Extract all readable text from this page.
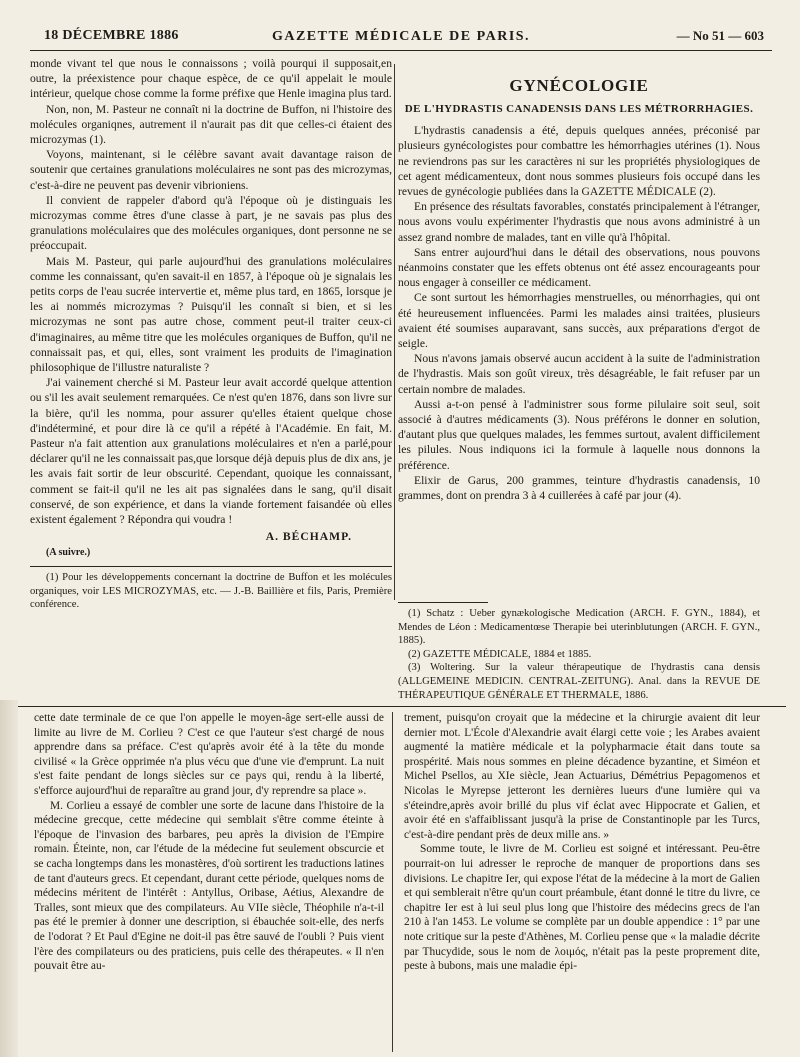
18 DÉCEMBRE 1886	GAZETTE MÉDICALE DE PARIS.	— No 51 — 603

monde vivant tel que nous le connaissons ; voilà pourqui il supposait,en outre, la préexistence pour chaque espèce, de ce qu'il appelait le moule intérieur, quelque chose comme la forme préfixe que Henle imagina plus tard.

Non, non, M. Pasteur ne connaît ni la doctrine de Buffon, ni l'histoire des molécules organiqnes, autrement il n'aurait pas dit que celles-ci étaient des microzymas (1).

Voyons, maintenant, si le célèbre savant avait davantage raison de soutenir que certaines granulations moléculaires ne sont pas des microzymas, c'est-à-dire ne peuvent pas devenir vibrioniens.

Il convient de rappeler d'abord qu'à l'époque où je distinguais les microzymas comme êtres d'une classe à part, je ne savais pas plus des granulations moléculaires que des molécules organiques, dont personne ne se préoccupait.

Mais M. Pasteur, qui parle aujourd'hui des granulations moléculaires comme les connaissant, qu'en savait-il en 1857, à l'époque où je signalais les petits corps de l'eau sucrée intervertie et, même plus tard, en 1865, lorsque je les ai nommés microzymas ? Puisqu'il les connaît si bien, et si les microzymas ne sont pas autre chose, comment peut-il traiter ceux-ci d'imaginaires, au même titre que les molécules organiques de Buffon, qu'il ne connaissait pas, et qui, elles, sont vraiment les produits de l'imagination philosophique de l'illustre naturaliste ?

J'ai vainement cherché si M. Pasteur leur avait accordé quelque attention ou s'il les avait seulement remarquées. Ce n'est qu'en 1876, dans son livre sur la bière, qu'il les nomma, pour assurer qu'elles étaient quelque chose d'indéterminé, et pour dire là ce qu'il a répété à l'Académie. En fait, M. Pasteur n'a fait attention aux granulations moléculaires et n'en a parlé,pour déclarer qu'il ne les connaissait pas,que lorsque déjà depuis plus de dix ans, je les avais fait sortir de leur obscurité. Cependant, quoique les connaissant, comment se fait-il qu'il ne les ait pas signalées dans le sang, qu'il disait conservé, de son expérience, et dans la viande fortement faisandée où elles existent également ? Répondra qui voudra !

A. BÉCHAMP.

(A suivre.)

(1) Pour les développements concernant la doctrine de Buffon et les molécules organiques, voir LES MICROZYMAS, etc. — J.-B. Baillière et fils, Paris, Première conférence.

GYNÉCOLOGIE
DE L'HYDRASTIS CANADENSIS DANS LES MÉTRORRHAGIES.

L'hydrastis canadensis a été, depuis quelques années, préconisé par plusieurs gynécologistes pour combattre les hémorrhagies utérines (1). Nous ne reviendrons pas sur les caractères ni sur les propriétés physiologiques de cet agent médicamenteux, dont nous sommes plusieurs fois occupé dans les revues de gynécologie publiées dans la GAZETTE MÉDICALE (2).

En présence des résultats favorables, constatés principalement à l'étranger, nous avons voulu expérimenter l'hydrastis que nous avons administré à un assez grand nombre de malades, tant en ville qu'à l'hôpital.

Sans entrer aujourd'hui dans le détail des observations, nous pouvons néanmoins constater que les effets obtenus ont été assez encourageants pour nous engager à conseiller ce médicament.

Ce sont surtout les hémorrhagies menstruelles, ou ménorrhagies, qui ont été heureusement influencées. Parmi les malades ainsi traitées, plusieurs avaient été soumises auparavant, sans succès, aux préparations d'ergot de seigle.

Nous n'avons jamais observé aucun accident à la suite de l'administration de l'hydrastis. Mais son goût vireux, très désagréable, le fait refuser par un certain nombre de malades.

Aussi a-t-on pensé à l'administrer sous forme pilulaire soit seul, soit associé à d'autres médicaments (3). Nous préférons le donner en solution, d'autant plus que quelques malades, les femmes surtout, avalent difficilement les pilules. Nous indiquons ici la formule à laquelle nous donnons la préférence.

Elixir de Garus, 200 grammes, teinture d'hydrastis canadensis, 10 grammes, dont on prendra 3 à 4 cuillerées à café par jour (4).

(1) Schatz : Ueber gynækologische Medication (ARCH. F. GYN., 1884), et Mendes de Léon : Medicamentœse Therapie bei uterinblutungen (ARCH. F. GYN., 1885).

(2) GAZETTE MÉDICALE, 1884 et 1885.

(3) Woltering. Sur la valeur thérapeutique de l'hydrastis cana densis (ALLGEMEINE MEDICIN. CENTRAL-ZEITUNG). Anal. dans la REVUE DE THÉRAPEUTIQUE GÉNÉRALE ET THERMALE, 1886.

cette date terminale de ce que l'on appelle le moyen-âge sert-elle aussi de limite au livre de M. Corlieu ? C'est ce que l'auteur s'est chargé de nous apprendre dans sa préface. C'est qu'après avoir été à la tête du monde civilisé « la Grèce opprimée n'a plus vécu que d'une vie d'emprunt. La nuit s'est faite pendant de longs siècles sur ce pays qui, rendu à la liberté, s'efforce aujourd'hui de reparaître au grand jour, d'y reprendre sa place ».

M. Corlieu a essayé de combler une sorte de lacune dans l'histoire de la médecine grecque, cette médecine qui semblait s'être comme éteinte à l'époque de l'invasion des barbares, peu après la division de l'Empire romain. Éteinte, non, car l'étude de la médecine fut seulement obscurcie et se cacha longtemps dans les monastères, d'où sortirent les traductions latines de tant d'auteurs grecs. Et cependant, durant cette période, quelques noms de médecins méritent de l'intérêt : Antyllus, Oribase, Aétius, Alexandre de Tralles, sont mieux que des compilateurs. Au VIIe siècle, Théophile n'a-t-il pas été le premier à donner une description, si ébauchée soit-elle, des nerfs de l'odorat ? Et Paul d'Egine ne doit-il pas être sauvé de l'oubli ? Puis vient l'ère des compilateurs ou des praticiens, puis celle des thérapeutes. « Il n'en pouvait être au-

trement, puisqu'on croyait que la médecine et la chirurgie avaient dit leur dernier mot. L'École d'Alexandrie avait élargi cette voie ; les Arabes avaient augmenté la matière médicale et la polypharmacie était dans toute sa prospérité. Mais nous sommes en pleine décadence byzantine, et Siméon et Michel Psellos, au XIe siècle, Jean Actuarius, Démétrius Pepagomenos et Nicolas le Myrepse jetteront les dernières lueurs d'une lumière qui va s'éteindre,après avoir brillé du plus vif éclat avec Hippocrate et Galien, et avoir été en s'affaiblissant jusqu'à la prise de Constantinople par les Turcs, c'est-à-dire pendant près de deux mille ans. »

Somme toute, le livre de M. Corlieu est soigné et intéressant. Peu-être pourrait-on lui adresser le reproche de manquer de proportions dans ses divisions. Le chapitre Ier, qui expose l'état de la médecine à la mort de Galien et qui semblerait n'être qu'un court préambule, étant donné le titre du livre, ce chapitre Ier est à lui seul plus long que l'histoire des médecins grecs de l'an 210 à l'an 1453. Le volume se complète par un double appendice : 1° par une note critique sur la peste d'Athènes, M. Corlieu pense que « la maladie décrite par Thucydide, sous le nom de λοιμός, n'était pas la peste proprement dite, peste à bubons, mais une maladie épi-
